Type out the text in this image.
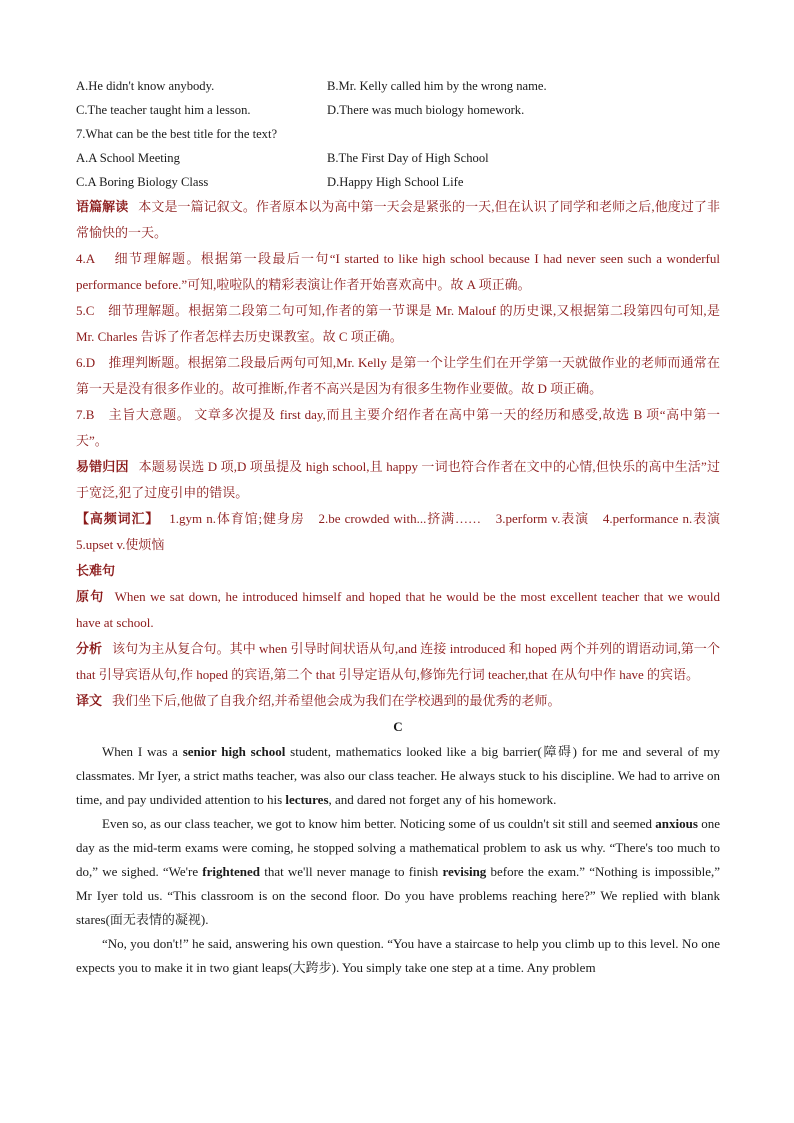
A.He didn't know anybody.	B.Mr. Kelly called him by the wrong name.
C.The teacher taught him a lesson.	D.There was much biology homework.
7.What can be the best title for the text?
A.A School Meeting	B.The First Day of High School
C.A Boring Biology Class	D.Happy High School Life

语篇解读 本文是一篇记叙文。作者原本以为高中第一天会是紧张的一天,但在认识了同学和老师之后,他度过了非常愉快的一天。

4.A　 细节理解题。根据第一段最后一句“I started to like high school because I had never seen such a wonderful performance before.”可知,啦啦队的精彩表演让作者开始喜欢高中。故 A 项正确。

5.C　细节理解题。根据第二段第二句可知,作者的第一节课是 Mr. Malouf 的历史课,又根据第二段第四句可知,是 Mr. Charles 告诉了作者怎样去历史课教室。故 C 项正确。

6.D　推理判断题。根据第二段最后两句可知,Mr. Kelly 是第一个让学生们在开学第一天就做作业的老师而通常在第一天是没有很多作业的。故可推断,作者不高兴是因为有很多生物作业要做。故 D 项正确。

7.B　主旨大意题。 文章多次提及 first day,而且主要介绍作者在高中第一天的经历和感受,故选 B 项“高中第一天”。

易错归因 本题易误选 D 项,D 项虽提及 high school,且 happy 一词也符合作者在文中的心情,但快乐的高中生活”过于宽泛,犯了过度引申的错误。

【高频词汇】 1.gym n.体育馆;健身房　2.be crowded with...挤满……　3.perform v.表演　4.performance n.表演　5.upset v.使烦恼

长难句

原句 When we sat down, he introduced himself and hoped that he would be the most excellent teacher that we would have at school.

分析 该句为主从复合句。其中 when 引导时间状语从句,and 连接 introduced 和 hoped 两个并列的谓语动词,第一个 that 引导宾语从句,作 hoped 的宾语,第二个 that 引导定语从句,修饰先行词 teacher,that 在从句中作 have 的宾语。

译文 我们坐下后,他做了自我介绍,并希望他会成为我们在学校遇到的最优秀的老师。

C

When I was a senior high school student, mathematics looked like a big barrier(障碍) for me and several of my classmates. Mr Iyer, a strict maths teacher, was also our class teacher. He always stuck to his discipline. We had to arrive on time, and pay undivided attention to his lectures, and dared not forget any of his homework.

Even so, as our class teacher, we got to know him better. Noticing some of us couldn't sit still and seemed anxious one day as the mid-term exams were coming, he stopped solving a mathematical problem to ask us why. “There's too much to do,” we sighed. “We're frightened that we'll never manage to finish revising before the exam.” “Nothing is impossible,” Mr Iyer told us. “This classroom is on the second floor. Do you have problems reaching here?” We replied with blank stares(面无表情的凝视).

“No, you don't!” he said, answering his own question. “You have a staircase to help you climb up to this level. No one expects you to make it in two giant leaps(大跨步). You simply take one step at a time. Any problem
